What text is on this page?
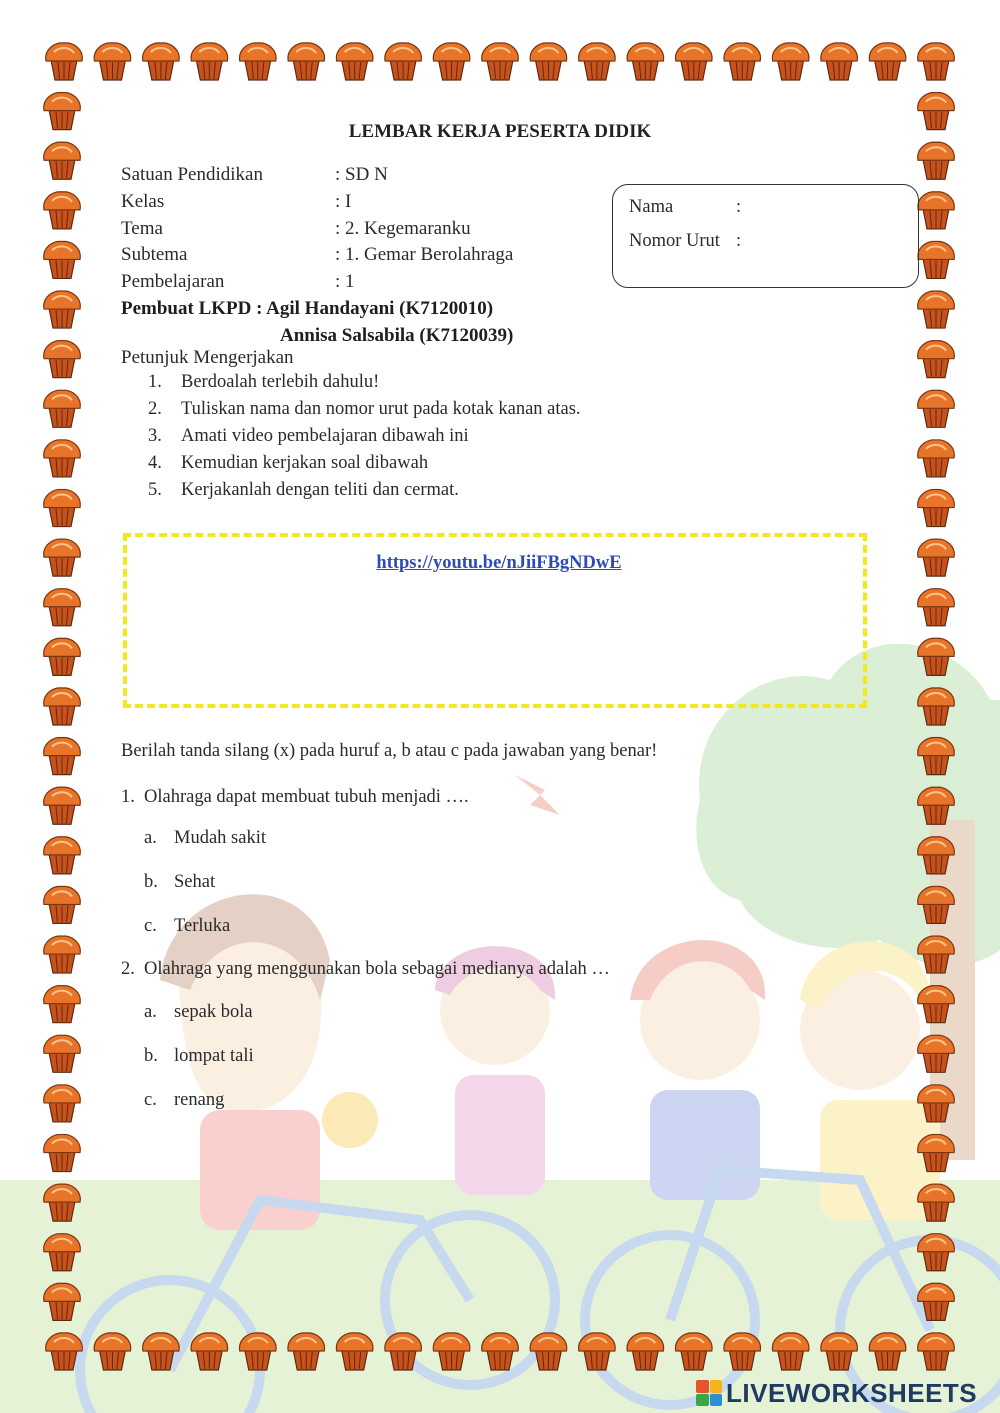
LEMBAR KERJA PESERTA DIDIK
Satuan Pendidikan	: SD N
Kelas	: I
Tema	: 2. Kegemaranku
Subtema	: 1. Gemar Berolahraga
Pembelajaran	: 1
Nama	:
Nomor Urut :
Pembuat LKPD : Agil Handayani (K7120010)
Annisa Salsabila (K7120039)
Petunjuk Mengerjakan
1. Berdoalah terlebih dahulu!
2. Tuliskan nama dan nomor urut pada kotak kanan atas.
3. Amati video pembelajaran dibawah ini
4. Kemudian kerjakan soal dibawah
5. Kerjakanlah dengan teliti dan cermat.
https://youtu.be/nJiiFBgNDwE
Berilah tanda silang (x) pada huruf a, b atau c pada jawaban yang benar!
1. Olahraga dapat membuat tubuh menjadi ….
a. Mudah sakit
b. Sehat
c. Terluka
2. Olahraga yang menggunakan bola sebagai medianya adalah …
a. sepak bola
b. lompat tali
c. renang
LIVEWORKSHEETS
